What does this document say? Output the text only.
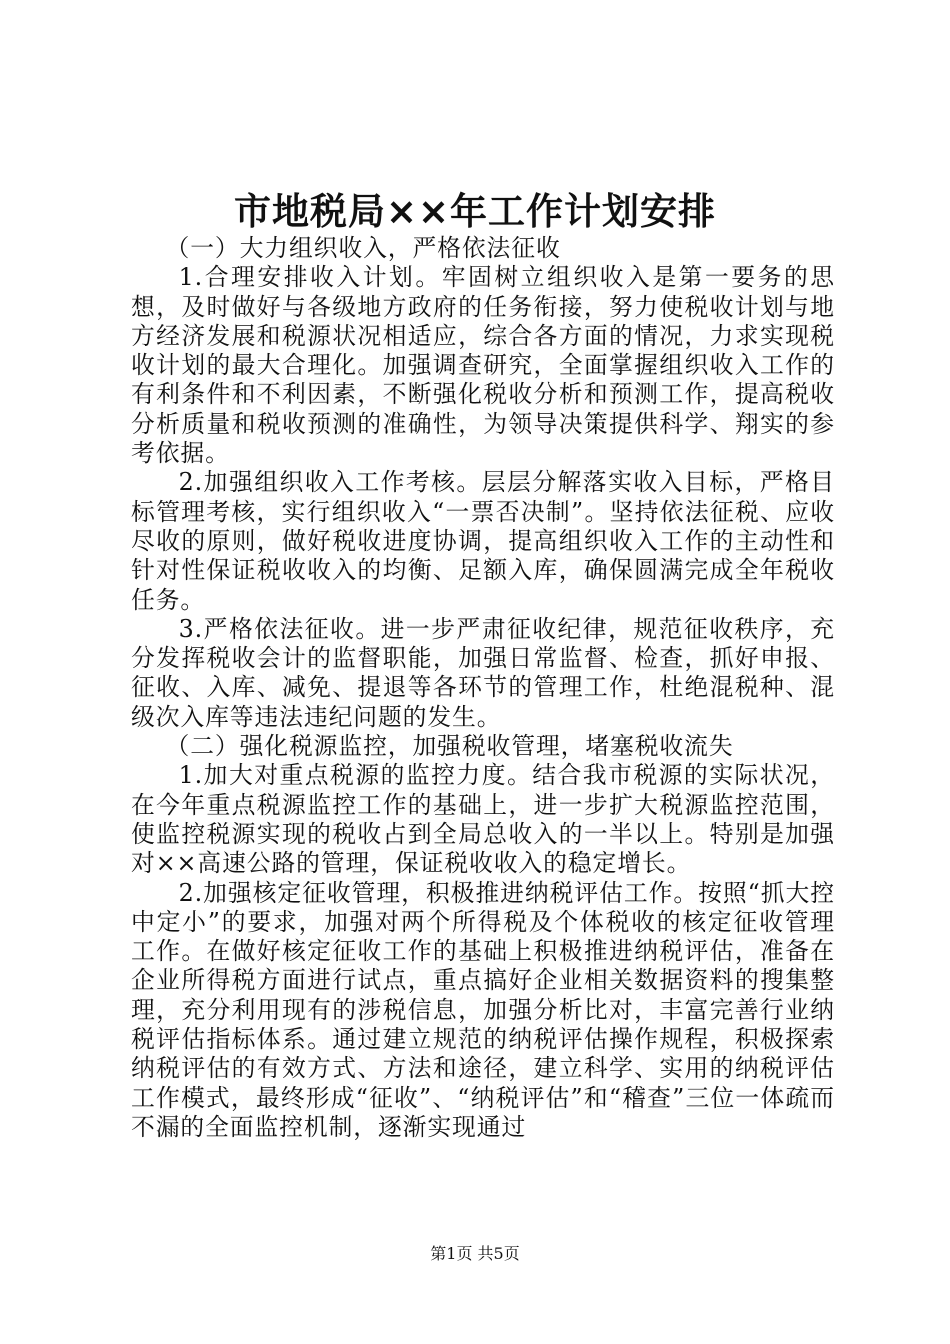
市地税局××年工作计划安排

（一）大力组织收入，严格依法征收

1.合理安排收入计划。牢固树立组织收入是第一要务的思想，及时做好与各级地方政府的任务衔接，努力使税收计划与地方经济发展和税源状况相适应，综合各方面的情况，力求实现税收计划的最大合理化。加强调查研究，全面掌握组织收入工作的有利条件和不利因素，不断强化税收分析和预测工作，提高税收分析质量和税收预测的准确性，为领导决策提供科学、翔实的参考依据。

2.加强组织收入工作考核。层层分解落实收入目标，严格目标管理考核，实行组织收入“一票否决制”。坚持依法征税、应收尽收的原则，做好税收进度协调，提高组织收入工作的主动性和针对性保证税收收入的均衡、足额入库，确保圆满完成全年税收任务。

3.严格依法征收。进一步严肃征收纪律，规范征收秩序，充分发挥税收会计的监督职能，加强日常监督、检查，抓好申报、征收、入库、减免、提退等各环节的管理工作，杜绝混税种、混级次入库等违法违纪问题的发生。

（二）强化税源监控，加强税收管理，堵塞税收流失

1.加大对重点税源的监控力度。结合我市税源的实际状况，在今年重点税源监控工作的基础上，进一步扩大税源监控范围，使监控税源实现的税收占到全局总收入的一半以上。特别是加强对××高速公路的管理，保证税收收入的稳定增长。

2.加强核定征收管理，积极推进纳税评估工作。按照“抓大控中定小”的要求，加强对两个所得税及个体税收的核定征收管理工作。在做好核定征收工作的基础上积极推进纳税评估，准备在企业所得税方面进行试点，重点搞好企业相关数据资料的搜集整理，充分利用现有的涉税信息，加强分析比对，丰富完善行业纳税评估指标体系。通过建立规范的纳税评估操作规程，积极探索纳税评估的有效方式、方法和途径，建立科学、实用的纳税评估工作模式，最终形成“征收”、“纳税评估”和“稽查”三位一体疏而不漏的全面监控机制，逐渐实现通过

第1页 共5页
